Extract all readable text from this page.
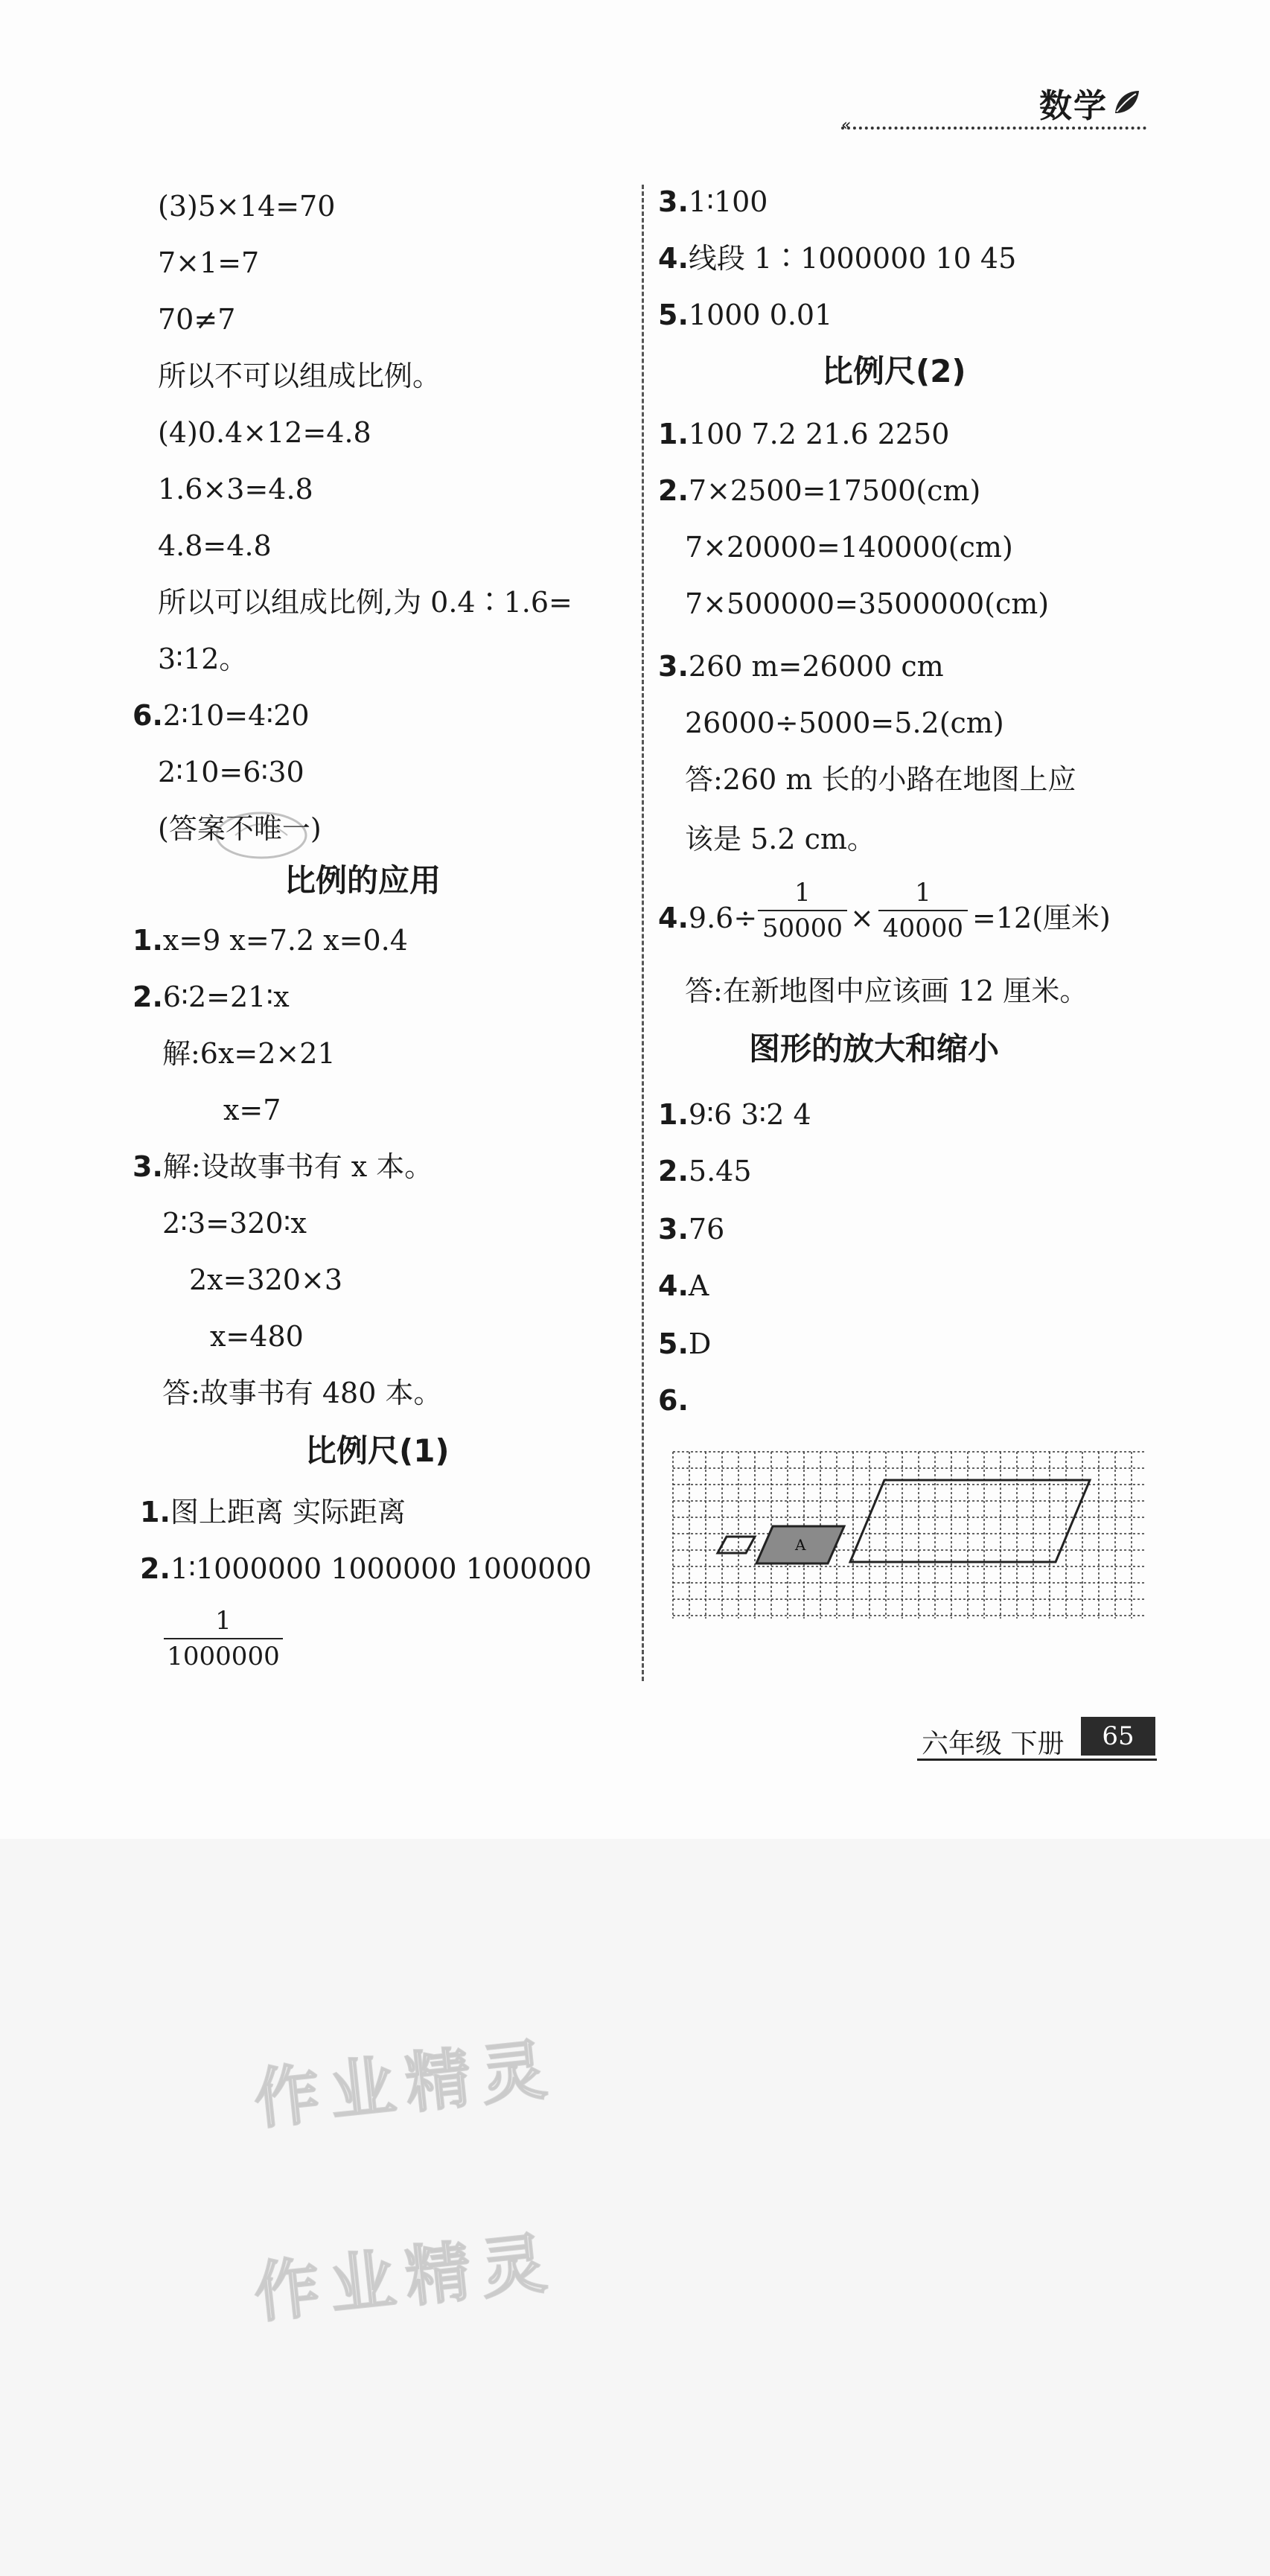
数学
«
(3)5×14=70
7×1=7
70≠7
所以不可以组成比例。
(4)0.4×12=4.8
1.6×3=4.8
4.8=4.8
所以可以组成比例,为 0.4∶1.6=
3∶12。
6.2∶10=4∶20
2∶10=6∶30
(答案不唯一)
比例的应用
1.x=9 x=7.2 x=0.4
2.6∶2=21∶x
解:6x=2×21
x=7
3.解:设故事书有 x 本。
2∶3=320∶x
2x=320×3
x=480
答:故事书有 480 本。
比例尺(1)
1.图上距离 实际距离
2.1∶1000000 1000000 1000000
1
1000000
3.1∶100
4.线段 1∶1000000 10 45
5.1000 0.01
比例尺(2)
1.100 7.2 21.6 2250
2.7×2500=17500(cm)
7×20000=140000(cm)
7×500000=3500000(cm)
3.260 m=26000 cm
26000÷5000=5.2(cm)
答:260 m 长的小路在地图上应
该是 5.2 cm。
4.9.6÷
1
50000 ×
1
40000 =12(厘米)
答:在新地图中应该画 12 厘米。
图形的放大和缩小
1.9∶6 3∶2 4
2.5.45
3.76
4.A
5.D
6.
A
六年级 下册	65
作业精灵
作业精灵
